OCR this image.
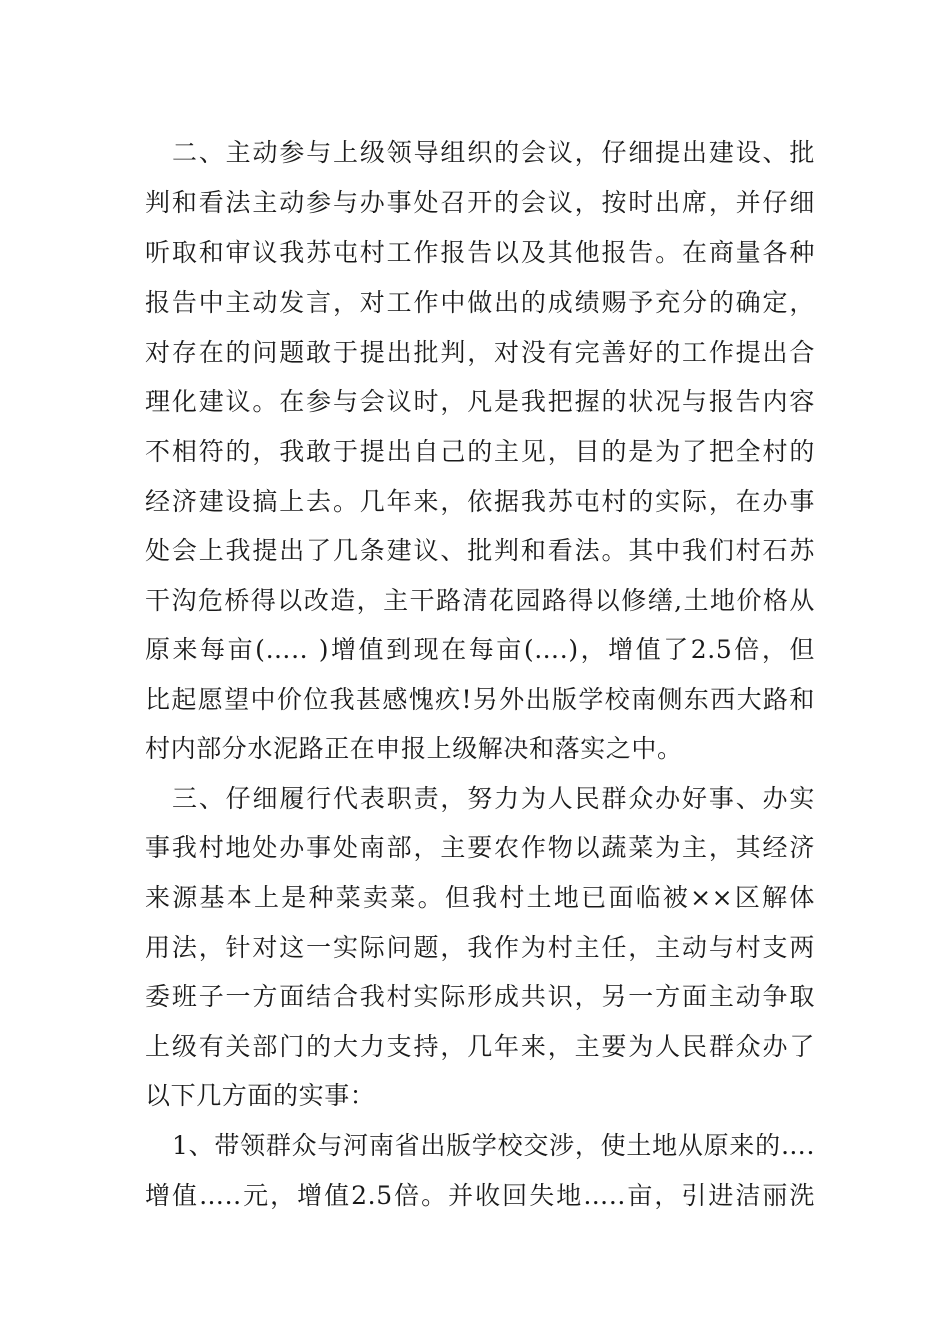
二、主动参与上级领导组织的会议，仔细提出建设、批
判和看法主动参与办事处召开的会议，按时出席，并仔细
听取和审议我苏屯村工作报告以及其他报告。在商量各种
报告中主动发言，对工作中做出的成绩赐予充分的确定，
对存在的问题敢于提出批判，对没有完善好的工作提出合
理化建议。在参与会议时，凡是我把握的状况与报告内容
不相符的，我敢于提出自己的主见，目的是为了把全村的
经济建设搞上去。几年来，依据我苏屯村的实际，在办事
处会上我提出了几条建议、批判和看法。其中我们村石苏
干沟危桥得以改造，主干路清花园路得以修缮,土地价格从
原来每亩(….. )增值到现在每亩(….)，增值了2.5倍，但
比起愿望中价位我甚感愧疚!另外出版学校南侧东西大路和
村内部分水泥路正在申报上级解决和落实之中。
三、仔细履行代表职责，努力为人民群众办好事、办实
事我村地处办事处南部，主要农作物以蔬菜为主，其经济
来源基本上是种菜卖菜。但我村土地已面临被××区解体
用法，针对这一实际问题，我作为村主任，主动与村支两
委班子一方面结合我村实际形成共识，另一方面主动争取
上级有关部门的大力支持，几年来，主要为人民群众办了
以下几方面的实事：
1、带领群众与河南省出版学校交涉，使土地从原来的….
增值…..元，增值2.5倍。并收回失地…..亩，引进洁丽洗
